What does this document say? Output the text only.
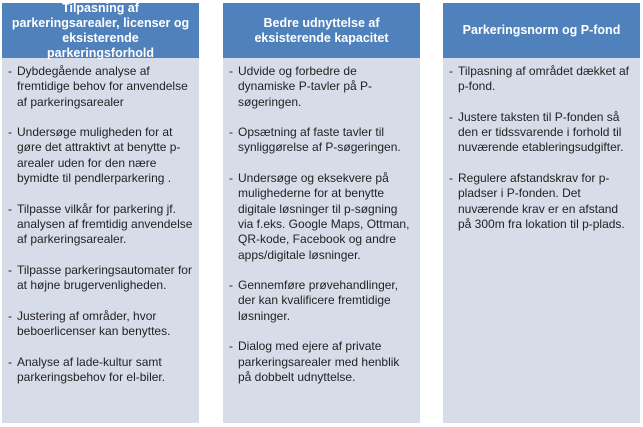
Tilpasning af parkeringsarealer, licenser og eksisterende parkeringsforhold
- Dybdegående analyse af fremtidige behov for anvendelse af parkeringsarealer
- Undersøge muligheden for at gøre det attraktivt at benytte p-arealer uden for den nære bymidte til pendlerparkering .
- Tilpasse vilkår for parkering jf. analysen af fremtidig anvendelse af parkeringsarealer.
- Tilpasse parkeringsautomater for at højne brugervenligheden.
- Justering af områder, hvor beboerlicenser kan benyttes.
- Analyse af lade-kultur samt parkeringsbehov for el-biler.
Bedre udnyttelse af eksisterende kapacitet
- Udvide og forbedre de dynamiske P-tavler på P-søgeringen.
- Opsætning af faste tavler til synliggørelse af P-søgeringen.
- Undersøge og eksekvere på mulighederne for at benytte digitale løsninger til p-søgning via f.eks. Google Maps, Ottman, QR-kode, Facebook og andre apps/digitale løsninger.
- Gennemføre prøvehandlinger, der kan kvalificere fremtidige løsninger.
- Dialog med ejere af private parkeringsarealer med henblik på dobbelt udnyttelse.
Parkeringsnorm og P-fond
- Tilpasning af området dækket af p-fond.
- Justere taksten til P-fonden så den er tidssvarende i forhold til nuværende etableringsudgifter.
- Regulere afstandskrav for p-pladser i P-fonden. Det nuværende krav er en afstand på 300m fra lokation til p-plads.
